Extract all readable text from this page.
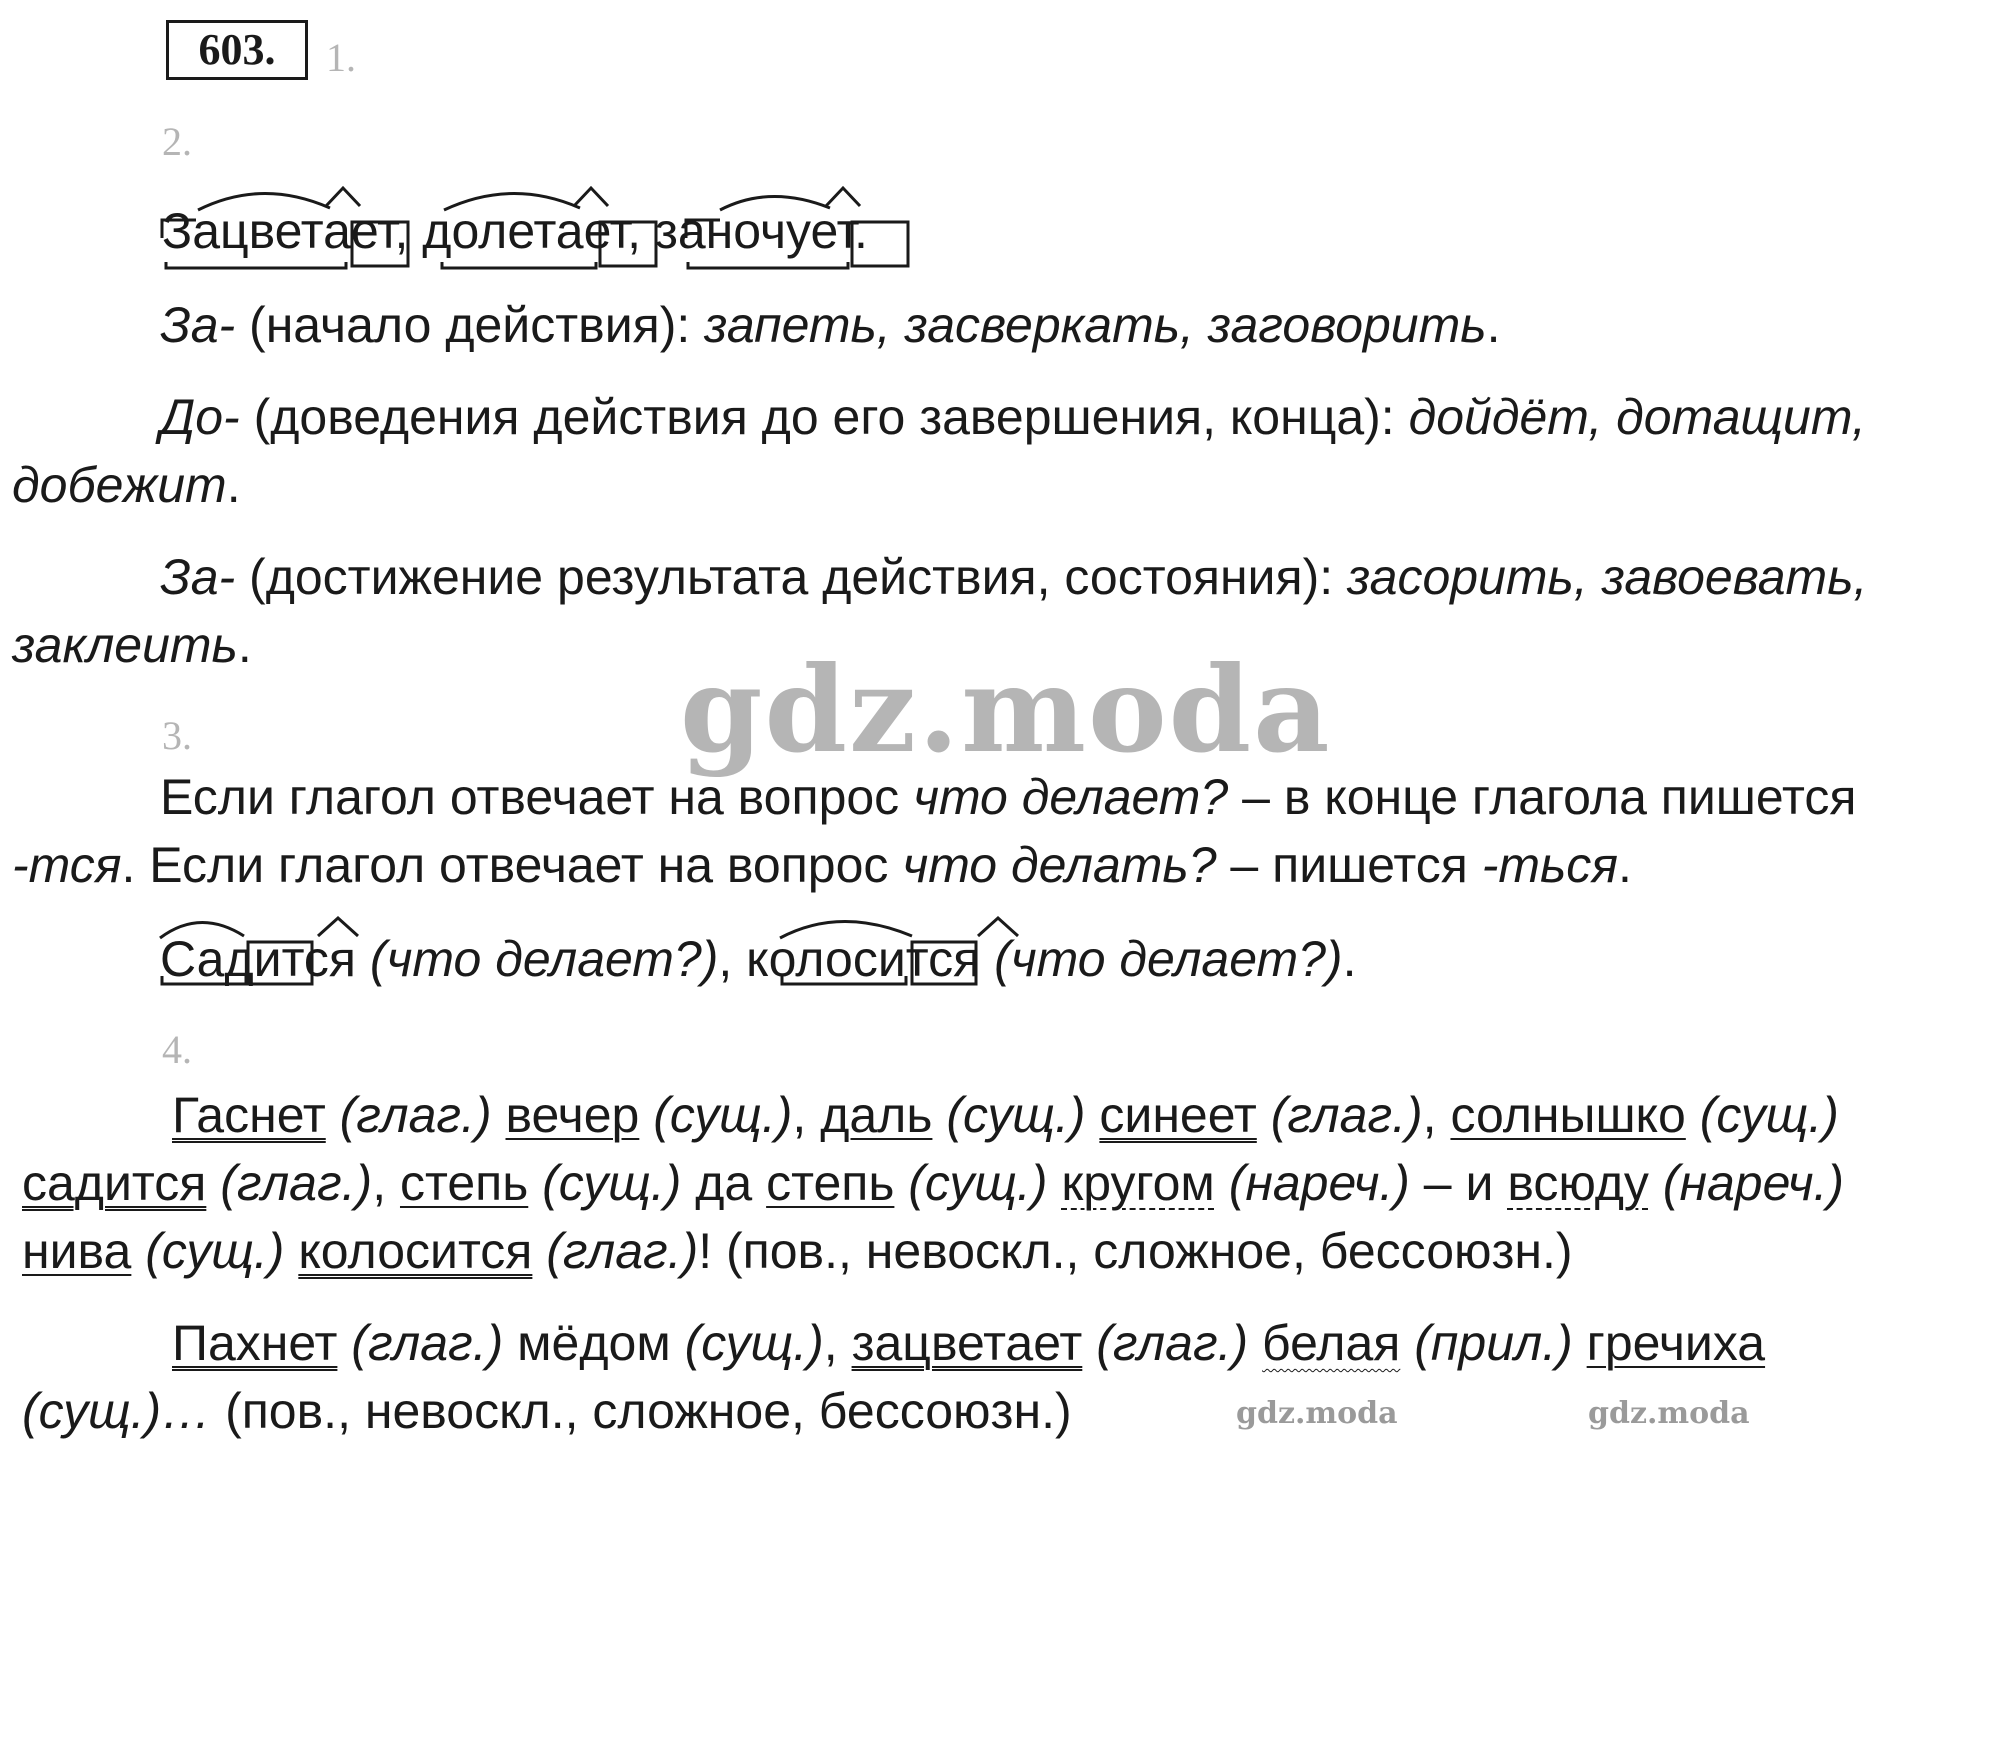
603.	1.
2.
Зацветает, долетает, заночует.
За- (начало действия): запеть, засверкать, заговорить.
До- (доведения действия до его завершения, конца): дойдёт, дотащит,
добежит.
За- (достижение результата действия, состояния): засорить, завоевать,
заклеить.
3.
Если глагол отвечает на вопрос что делает? – в конце глагола пишется
-тся. Если глагол отвечает на вопрос что делать? – пишется -ться.
Садится (что делает?), колосится (что делает?).
4.
Гаснет (глаг.) вечер (сущ.), даль (сущ.) синеет (глаг.), солнышко (сущ.)
садится (глаг.), степь (сущ.) да степь (сущ.) кругом (нареч.) – и всюду (нареч.)
нива (сущ.) колосится (глаг.)! (пов., невоскл., сложное, бессоюзн.)
Пахнет (глаг.) мёдом (сущ.), зацветает (глаг.) белая (прил.) гречиха
(сущ.)… (пов., невоскл., сложное, бессоюзн.)
gdz.moda
gdz.moda	gdz.moda
